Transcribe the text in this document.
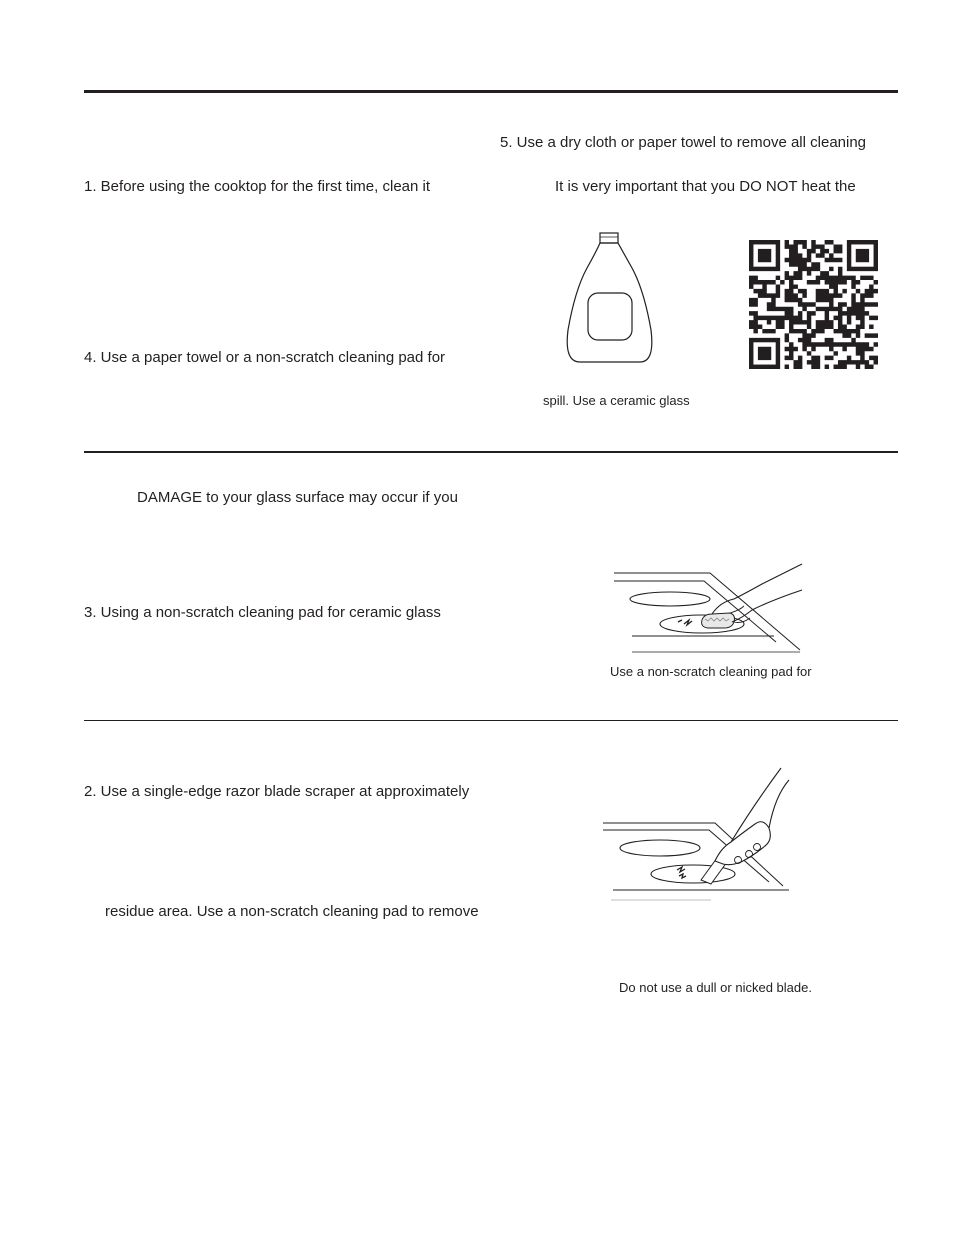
5. Use a dry cloth or paper towel to remove all cleaning
1. Before using the cooktop for the first time, clean it	It is very important that you DO NOT heat the
4. Use a paper towel or a non-scratch cleaning pad for
spill. Use a ceramic glass
DAMAGE to your glass surface may occur if you
3. Using a non-scratch cleaning pad for ceramic glass
Use a non-scratch cleaning pad for
2. Use a single-edge razor blade scraper at approximately
residue area. Use a non-scratch cleaning pad to remove
Do not use a dull or nicked blade.
